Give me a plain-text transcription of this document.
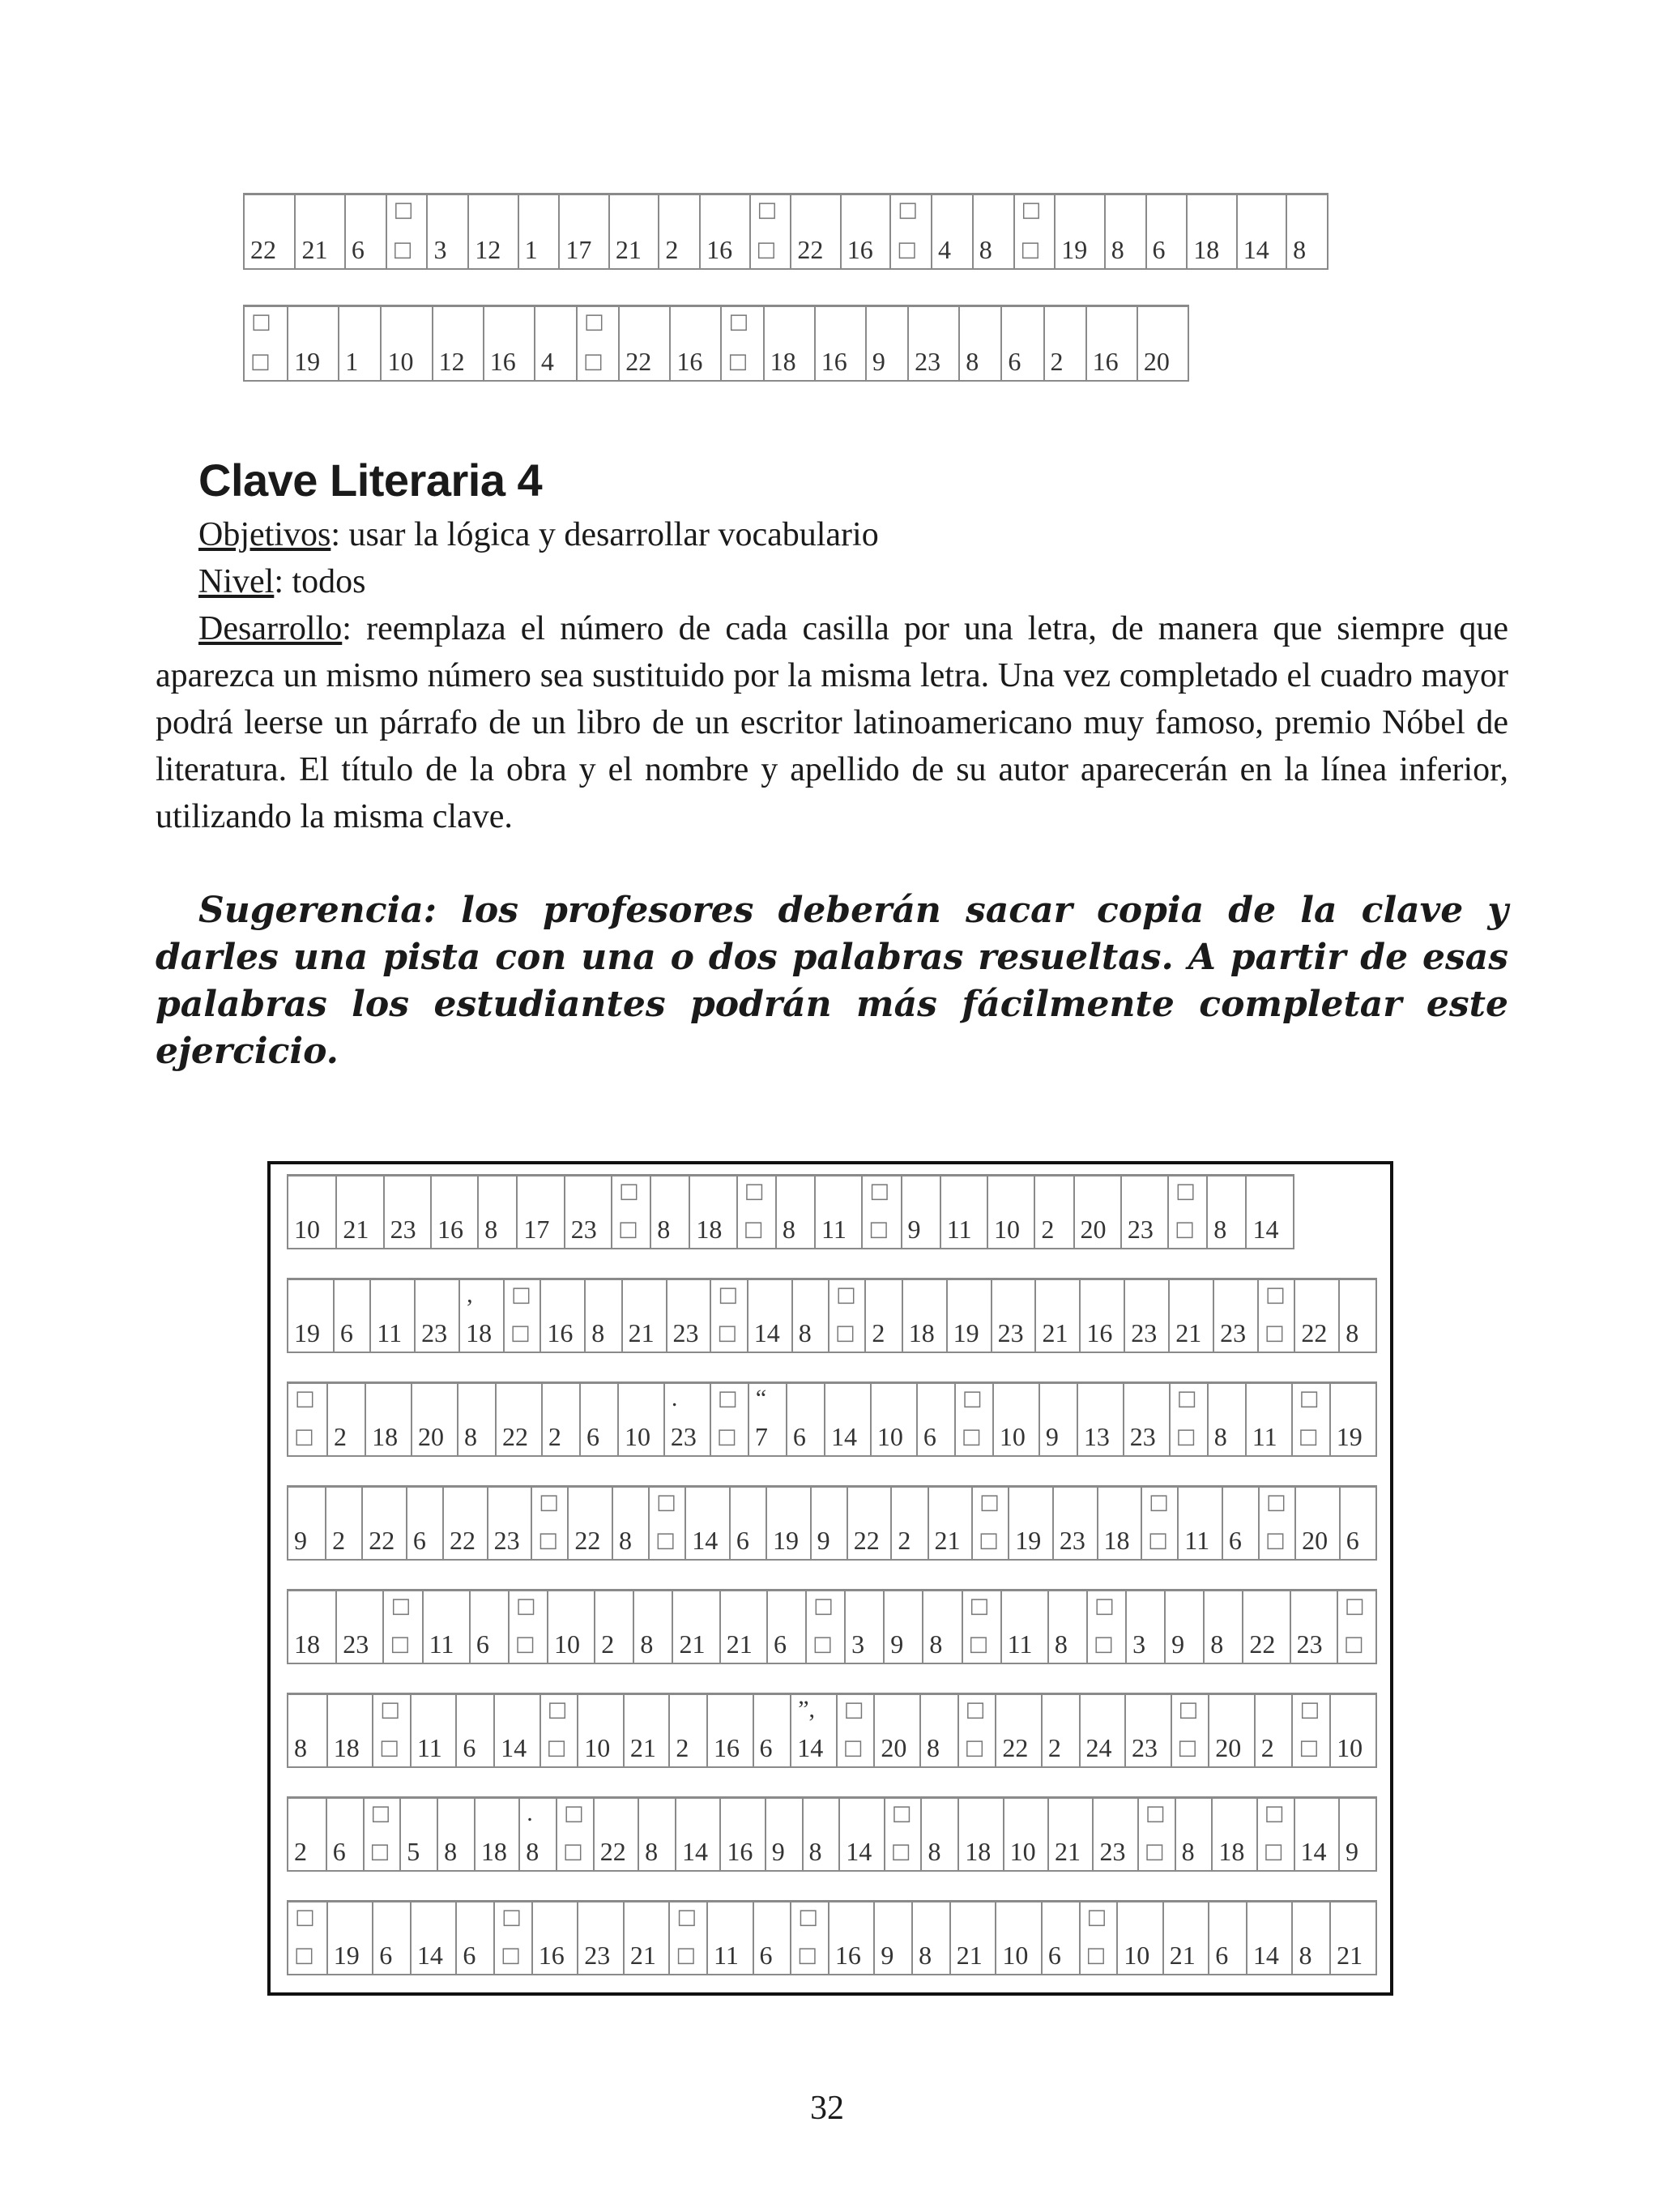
22 21 6
□
□ 3 12 1 17 21 2 16
□
□ 22 16
□
□ 4 8
□
□ 19 8 6 18 14 8
□
□ 19 1 10 12 16 4
□
□ 22 16
□
□ 18 16 9 23 8 6 2 16 20
Clave Literaria 4

Objetivos: usar la lógica y desarrollar vocabulario

Nivel: todos

Desarrollo: reemplaza el número de cada casilla por una letra, de manera que siempre que aparezca un mismo número sea sustituido por la misma letra. Una vez completado el cuadro mayor podrá leerse un párrafo de un libro de un escritor latinoamericano muy famoso, premio Nóbel de literatura. El título de la obra y el nombre y apellido de su autor aparecerán en la línea inferior, utilizando la misma clave.

Sugerencia: los profesores deberán sacar copia de la clave y darles una pista con una o dos palabras resueltas. A partir de esas palabras los estudiantes podrán más fácilmente completar este ejercicio.

10 21 23 16 8 17 23
□
□ 8 18
□
□ 8 11
□
□ 9 11 10 2 20 23
□
□ 8 14
19 6 11 23
,
18
□
□ 16 8 21 23
□
□ 14 8
□
□ 2 18 19 23 21 16 23 21 23
□
□ 22 8
□
□ 2 18 20 8 22 2 6 10
.
23
□
□
“
7 6 14 10 6
□
□ 10 9 13 23
□
□ 8 11
□
□ 19
9 2 22 6 22 23
□
□ 22 8
□
□ 14 6 19 9 22 2 21
□
□ 19 23 18
□
□ 11 6
□
□ 20 6
18 23
□
□ 11 6
□
□ 10 2 8 21 21 6
□
□ 3 9 8
□
□ 11 8
□
□ 3 9 8 22 23
□
□
8 18
□
□ 11 6 14
□
□ 10 21 2 16 6
”,
14
□
□ 20 8
□
□ 22 2 24 23
□
□ 20 2
□
□ 10
2 6
□
□ 5 8 18
.
8
□
□ 22 8 14 16 9 8 14
□
□ 8 18 10 21 23
□
□ 8 18
□
□ 14 9
□
□ 19 6 14 6
□
□ 16 23 21
□
□ 11 6
□
□ 16 9 8 21 10 6
□
□ 10 21 6 14 8 21
32
